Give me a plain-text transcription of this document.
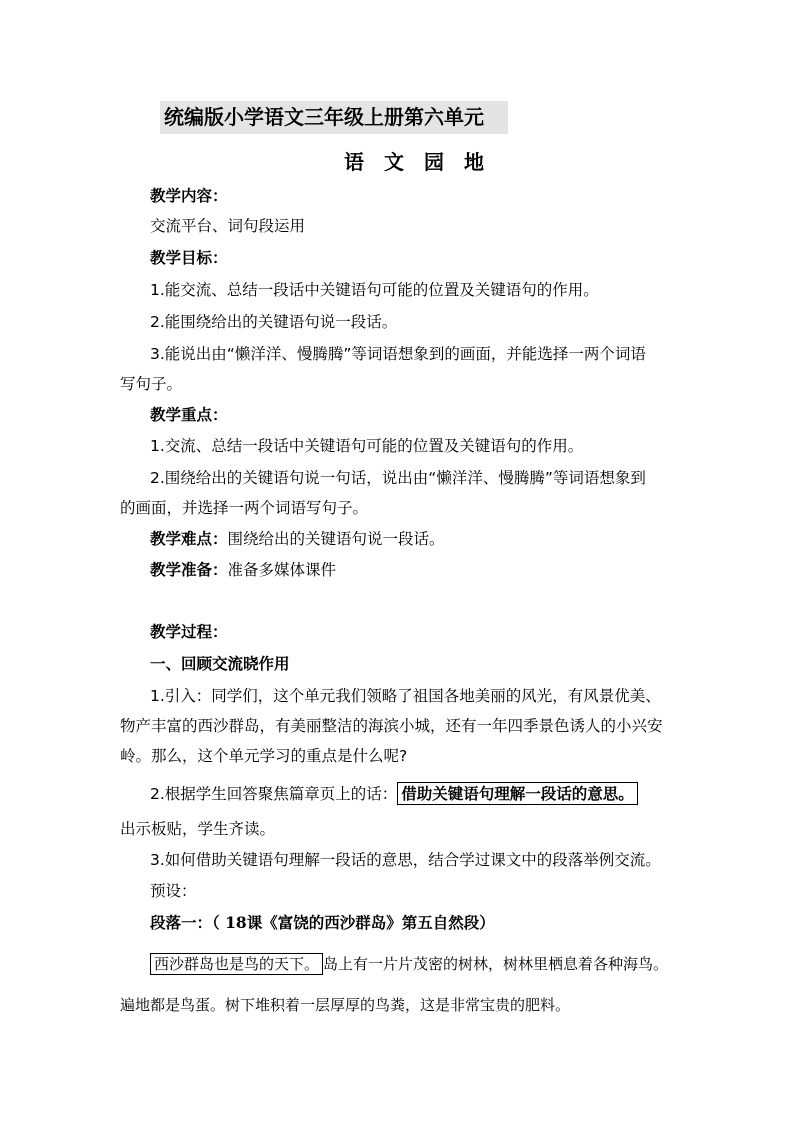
统编版小学语文三年级上册第六单元
语　文　园　地
教学内容：
交流平台、词句段运用
教学目标：
1.能交流、总结一段话中关键语句可能的位置及关键语句的作用。
2.能围绕给出的关键语句说一段话。
3.能说出由“懒洋洋、慢腾腾”等词语想象到的画面，并能选择一两个词语
写句子。
教学重点：
1.交流、总结一段话中关键语句可能的位置及关键语句的作用。
2.围绕给出的关键语句说一句话，说出由“懒洋洋、慢腾腾”等词语想象到
的画面，并选择一两个词语写句子。
教学难点：围绕给出的关键语句说一段话。
教学准备：准备多媒体课件
教学过程：
一、回顾交流晓作用
1.引入：同学们，这个单元我们领略了祖国各地美丽的风光，有风景优美、
物产丰富的西沙群岛，有美丽整洁的海滨小城，还有一年四季景色诱人的小兴安
岭。那么，这个单元学习的重点是什么呢?
2.根据学生回答聚焦篇章页上的话： 借助关键语句理解一段话的意思。
出示板贴，学生齐读。
3.如何借助关键语句理解一段话的意思，结合学过课文中的段落举例交流。
预设：
段落一：（ 18课《富饶的西沙群岛》第五自然段）
西沙群岛也是鸟的天下。 岛上有一片片茂密的树林，树林里栖息着各种海鸟。
遍地都是鸟蛋。树下堆积着一层厚厚的鸟粪，这是非常宝贵的肥料。
